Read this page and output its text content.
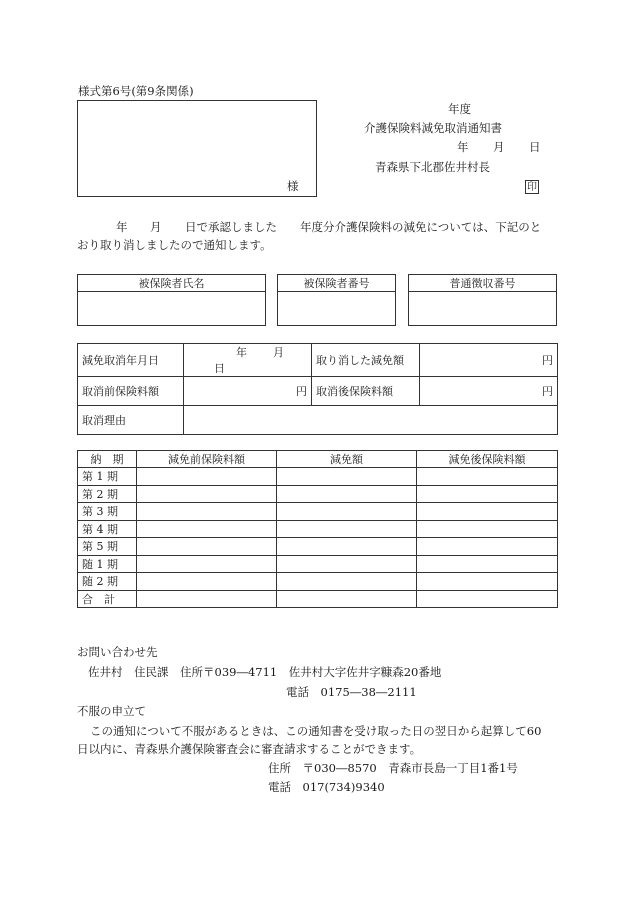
様式第6号(第9条関係)
様
年度
介護保険料減免取消通知書
年 月 日
青森県下北郡佐井村長
印
年 月 日で承認しました 年度分介護保険料の減免については、下記のと
おり取り消しましたので通知します。
被保険者氏名	被保険者番号	普通徴収番号

減免取消年月日	年 月日	取り消した減免額	円
取消前保険料額	円	取消後保険料額	円
取消理由			
納　期	減免前保険料額	減免額	減免後保険料額
第 1 期			
第 2 期			
第 3 期			
第 4 期			
第 5 期			
随 1 期			
随 2 期			
合　計			
お問い合わせ先
佐井村　住民課　住所〒039―4711　佐井村大字佐井字糠森20番地
電話　0175―38―2111
不服の申立て
この通知について不服があるときは、この通知書を受け取った日の翌日から起算して60
日以内に、青森県介護保険審査会に審査請求することができます。
住所　〒030―8570　青森市長島一丁目1番1号
電話　017(734)9340
